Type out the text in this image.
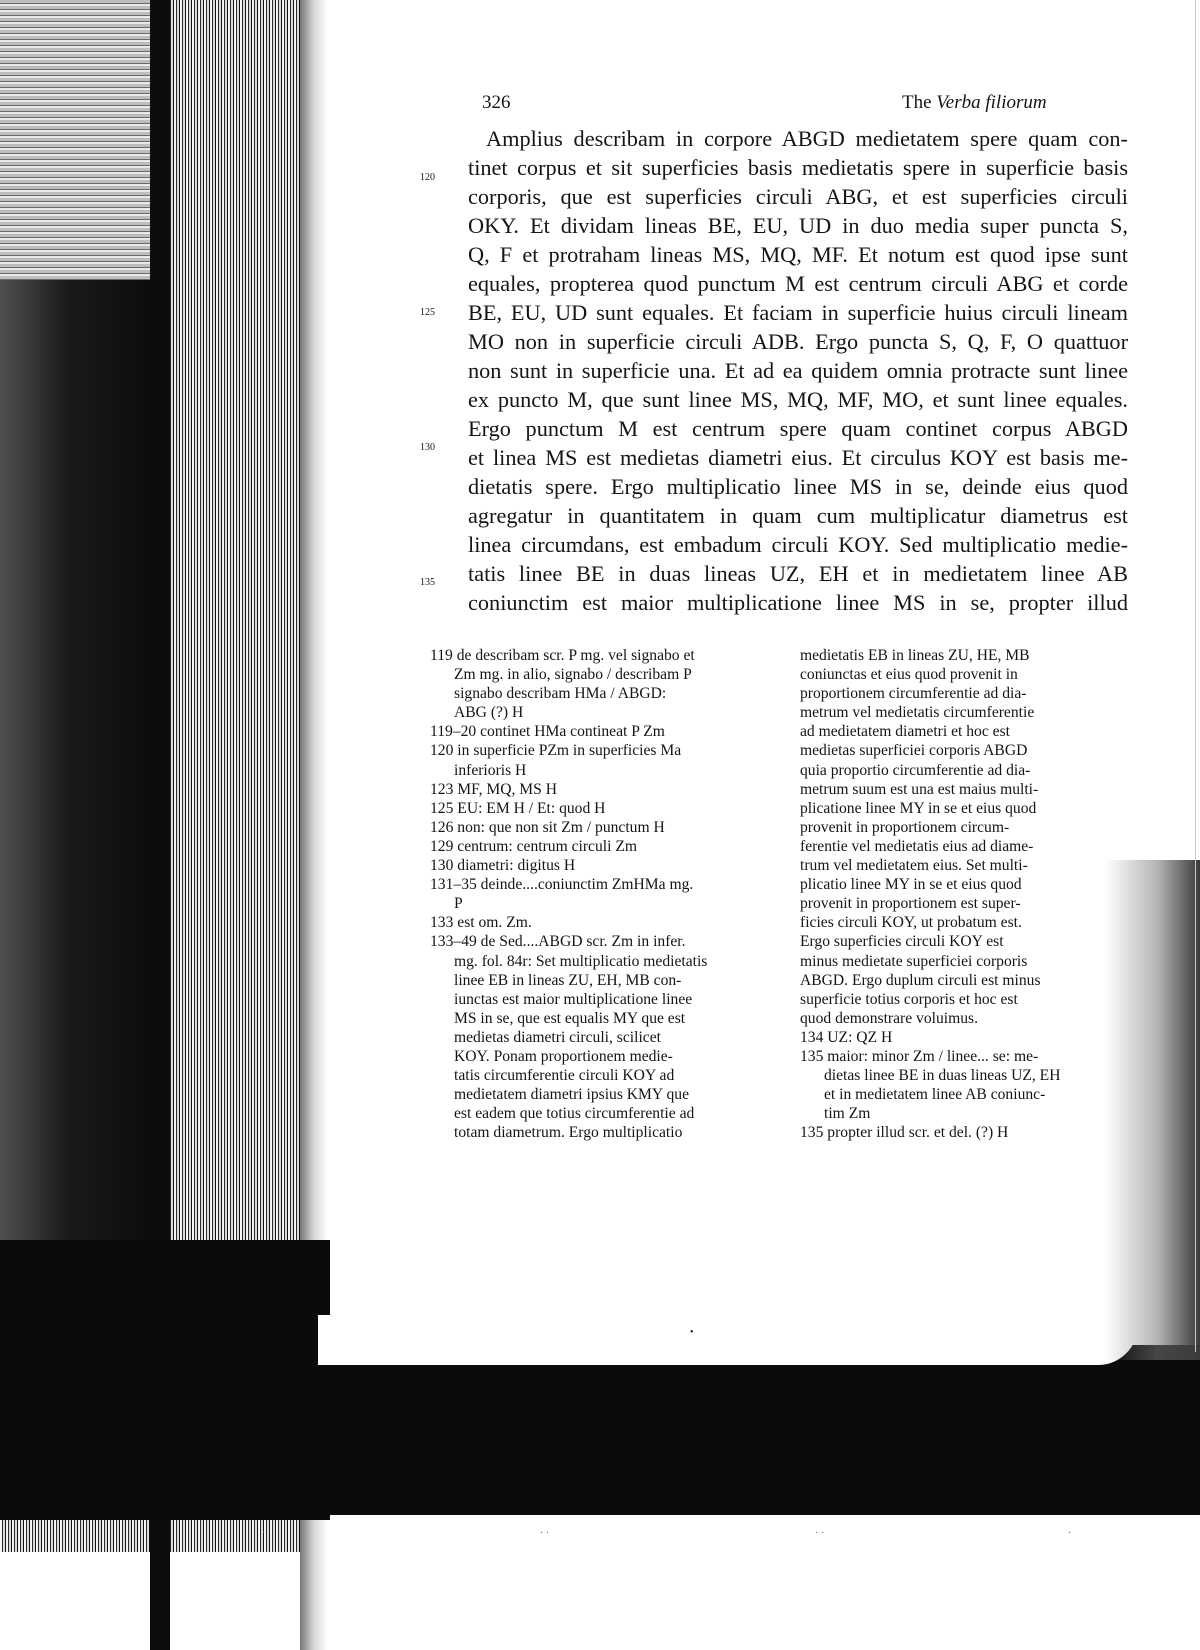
326	The Verba filiorum
120
125
130
135
Amplius describam in corpore ABGD medietatem spere quam con-
tinet corpus et sit superficies basis medietatis spere in superficie basis
corporis, que est superficies circuli ABG, et est superficies circuli
OKY. Et dividam lineas BE, EU, UD in duo media super puncta S,
Q, F et protraham lineas MS, MQ, MF. Et notum est quod ipse sunt
equales, propterea quod punctum M est centrum circuli ABG et corde
BE, EU, UD sunt equales. Et faciam in superficie huius circuli lineam
MO non in superficie circuli ADB. Ergo puncta S, Q, F, O quattuor
non sunt in superficie una. Et ad ea quidem omnia protracte sunt linee
ex puncto M, que sunt linee MS, MQ, MF, MO, et sunt linee equales.
Ergo punctum M est centrum spere quam continet corpus ABGD
et linea MS est medietas diametri eius. Et circulus KOY est basis me-
dietatis spere. Ergo multiplicatio linee MS in se, deinde eius quod
agregatur in quantitatem in quam cum multiplicatur diametrus est
linea circumdans, est embadum circuli KOY. Sed multiplicatio medie-
tatis linee BE in duas lineas UZ, EH et in medietatem linee AB
coniunctim est maior multiplicatione linee MS in se, propter illud
119 de describam scr. P mg. vel signabo et
Zm mg. in alio, signabo / describam P
signabo describam HMa / ABGD:
ABG (?) H
119–20 continet HMa contineat P Zm
120 in superficie PZm in superficies Ma
inferioris H
123 MF, MQ, MS H
125 EU: EM H / Et: quod H
126 non: que non sit Zm / punctum H
129 centrum: centrum circuli Zm
130 diametri: digitus H
131–35 deinde....coniunctim ZmHMa mg.
P
133 est om. Zm.
133–49 de Sed....ABGD scr. Zm in infer.
mg. fol. 84r: Set multiplicatio medietatis
linee EB in lineas ZU, EH, MB con-
iunctas est maior multiplicatione linee
MS in se, que est equalis MY que est
medietas diametri circuli, scilicet
KOY. Ponam proportionem medie-
tatis circumferentie circuli KOY ad
medietatem diametri ipsius KMY que
est eadem que totius circumferentie ad
totam diametrum. Ergo multiplicatio
medietatis EB in lineas ZU, HE, MB
coniunctas et eius quod provenit in
proportionem circumferentie ad dia-
metrum vel medietatis circumferentie
ad medietatem diametri et hoc est
medietas superficiei corporis ABGD
quia proportio circumferentie ad dia-
metrum suum est una est maius multi-
plicatione linee MY in se et eius quod
provenit in proportionem circum-
ferentie vel medietatis eius ad diame-
trum vel medietatem eius. Set multi-
plicatio linee MY in se et eius quod
provenit in proportionem est super-
ficies circuli KOY, ut probatum est.
Ergo superficies circuli KOY est
minus medietate superficiei corporis
ABGD. Ergo duplum circuli est minus
superficie totius corporis et hoc est
quod demonstrare voluimus.
134 UZ: QZ H
135 maior: minor Zm / linee... se: me-
dietas linee BE in duas lineas UZ, EH
et in medietatem linee AB coniunc-
tim Zm
135 propter illud scr. et del. (?) H
•
·	· ·	· ·	·
